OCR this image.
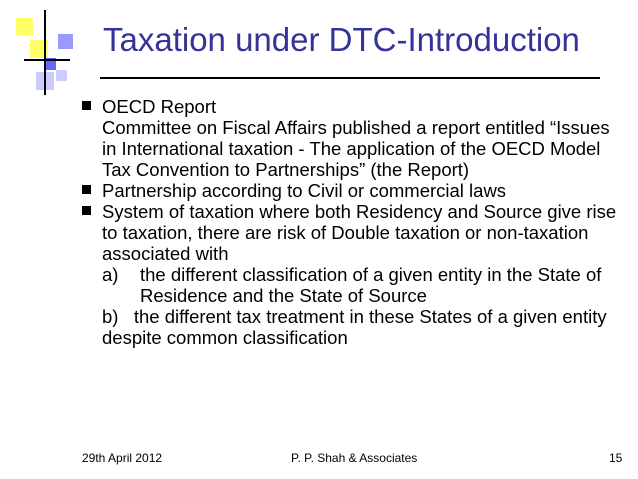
Taxation under DTC-Introduction
OECD Report
Committee on Fiscal Affairs published a report entitled “Issues in International taxation - The application of the OECD Model Tax Convention to Partnerships” (the Report)
Partnership according to Civil or commercial laws
System of taxation where both Residency and Source give rise to taxation, there are risk of Double taxation or non-taxation associated with
a)	the different classification of a given entity in the State of Residence and the State of Source
b)   the different tax treatment in these States of a given entity despite common classification
29th April 2012	P. P. Shah & Associates	15
